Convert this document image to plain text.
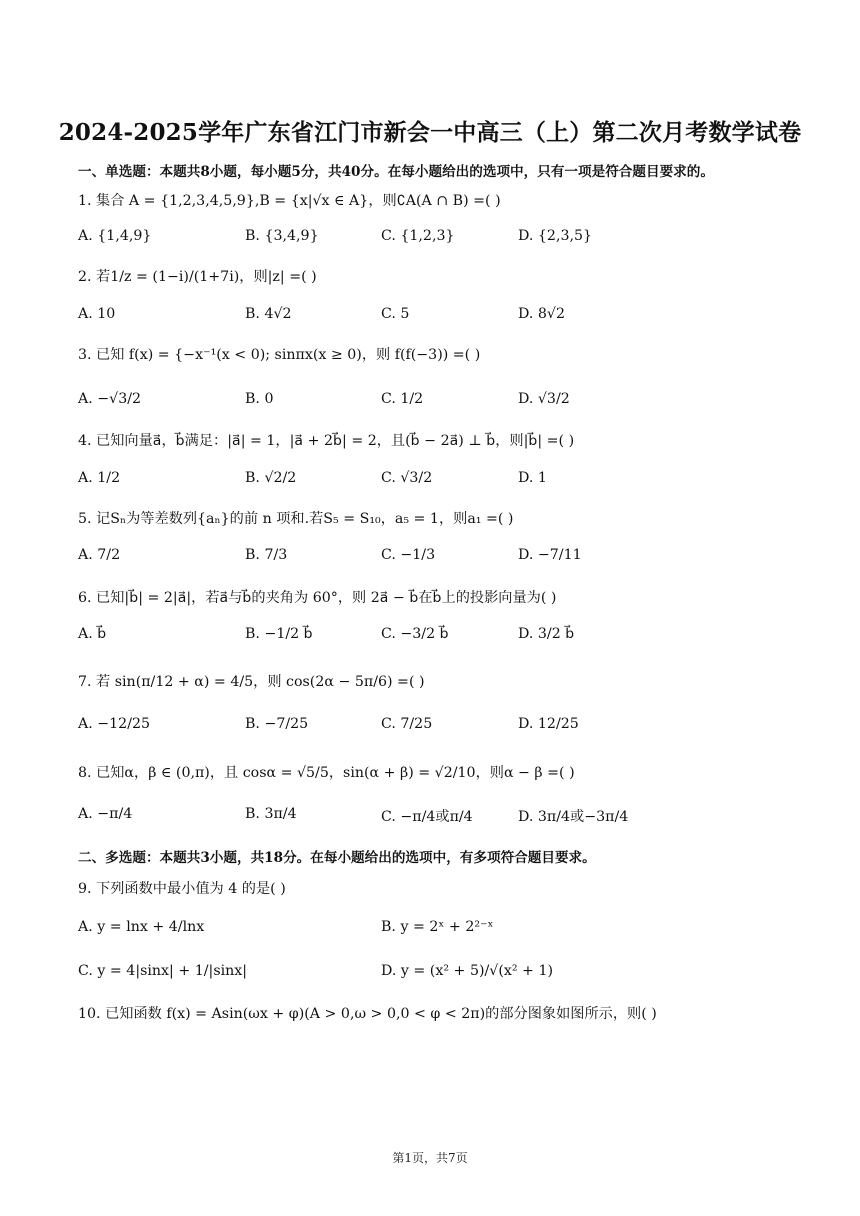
2024-2025学年广东省江门市新会一中高三（上）第二次月考数学试卷
一、单选题：本题共8小题，每小题5分，共40分。在每小题给出的选项中，只有一项是符合题目要求的。
1. 集合 A = {1,2,3,4,5,9},B = {x|√x ∈ A}，则∁A(A ∩ B) =( )
A. {1,4,9}	B. {3,4,9}	C. {1,2,3}	D. {2,3,5}
2. 若1/z = (1−i)/(1+7i)，则|z| =( )
A. 10	B. 4√2	C. 5	D. 8√2
3. 已知 f(x) = {−x⁻¹(x < 0); sinπx(x ≥ 0)，则 f(f(−3)) =( )
A. −√3/2	B. 0	C. 1/2	D. √3/2
4. 已知向量a⃗，b⃗满足：|a⃗| = 1，|a⃗ + 2b⃗| = 2，且(b⃗ − 2a⃗) ⊥ b⃗，则|b⃗| =( )
A. 1/2	B. √2/2	C. √3/2	D. 1
5. 记Sₙ为等差数列{aₙ}的前 n 项和.若S₅ = S₁₀，a₅ = 1，则a₁ =( )
A. 7/2	B. 7/3	C. −1/3	D. −7/11
6. 已知|b⃗| = 2|a⃗|，若a⃗与b⃗的夹角为 60°，则 2a⃗ − b⃗在b⃗上的投影向量为( )
A. b⃗	B. −1/2 b⃗	C. −3/2 b⃗	D. 3/2 b⃗
7. 若 sin(π/12 + α) = 4/5，则 cos(2α − 5π/6) =( )
A. −12/25	B. −7/25	C. 7/25	D. 12/25
8. 已知α，β ∈ (0,π)，且 cosα = √5/5，sin(α + β) = √2/10，则α − β =( )
A. −π/4	B. 3π/4	C. −π/4或π/4	D. 3π/4或−3π/4
二、多选题：本题共3小题，共18分。在每小题给出的选项中，有多项符合题目要求。
9. 下列函数中最小值为 4 的是( )
A. y = lnx + 4/lnx	B. y = 2ˣ + 2²⁻ˣ
C. y = 4|sinx| + 1/|sinx|	D. y = (x² + 5)/√(x² + 1)
10. 已知函数 f(x) = Asin(ωx + φ)(A > 0,ω > 0,0 < φ < 2π)的部分图象如图所示，则( )
第1页，共7页
